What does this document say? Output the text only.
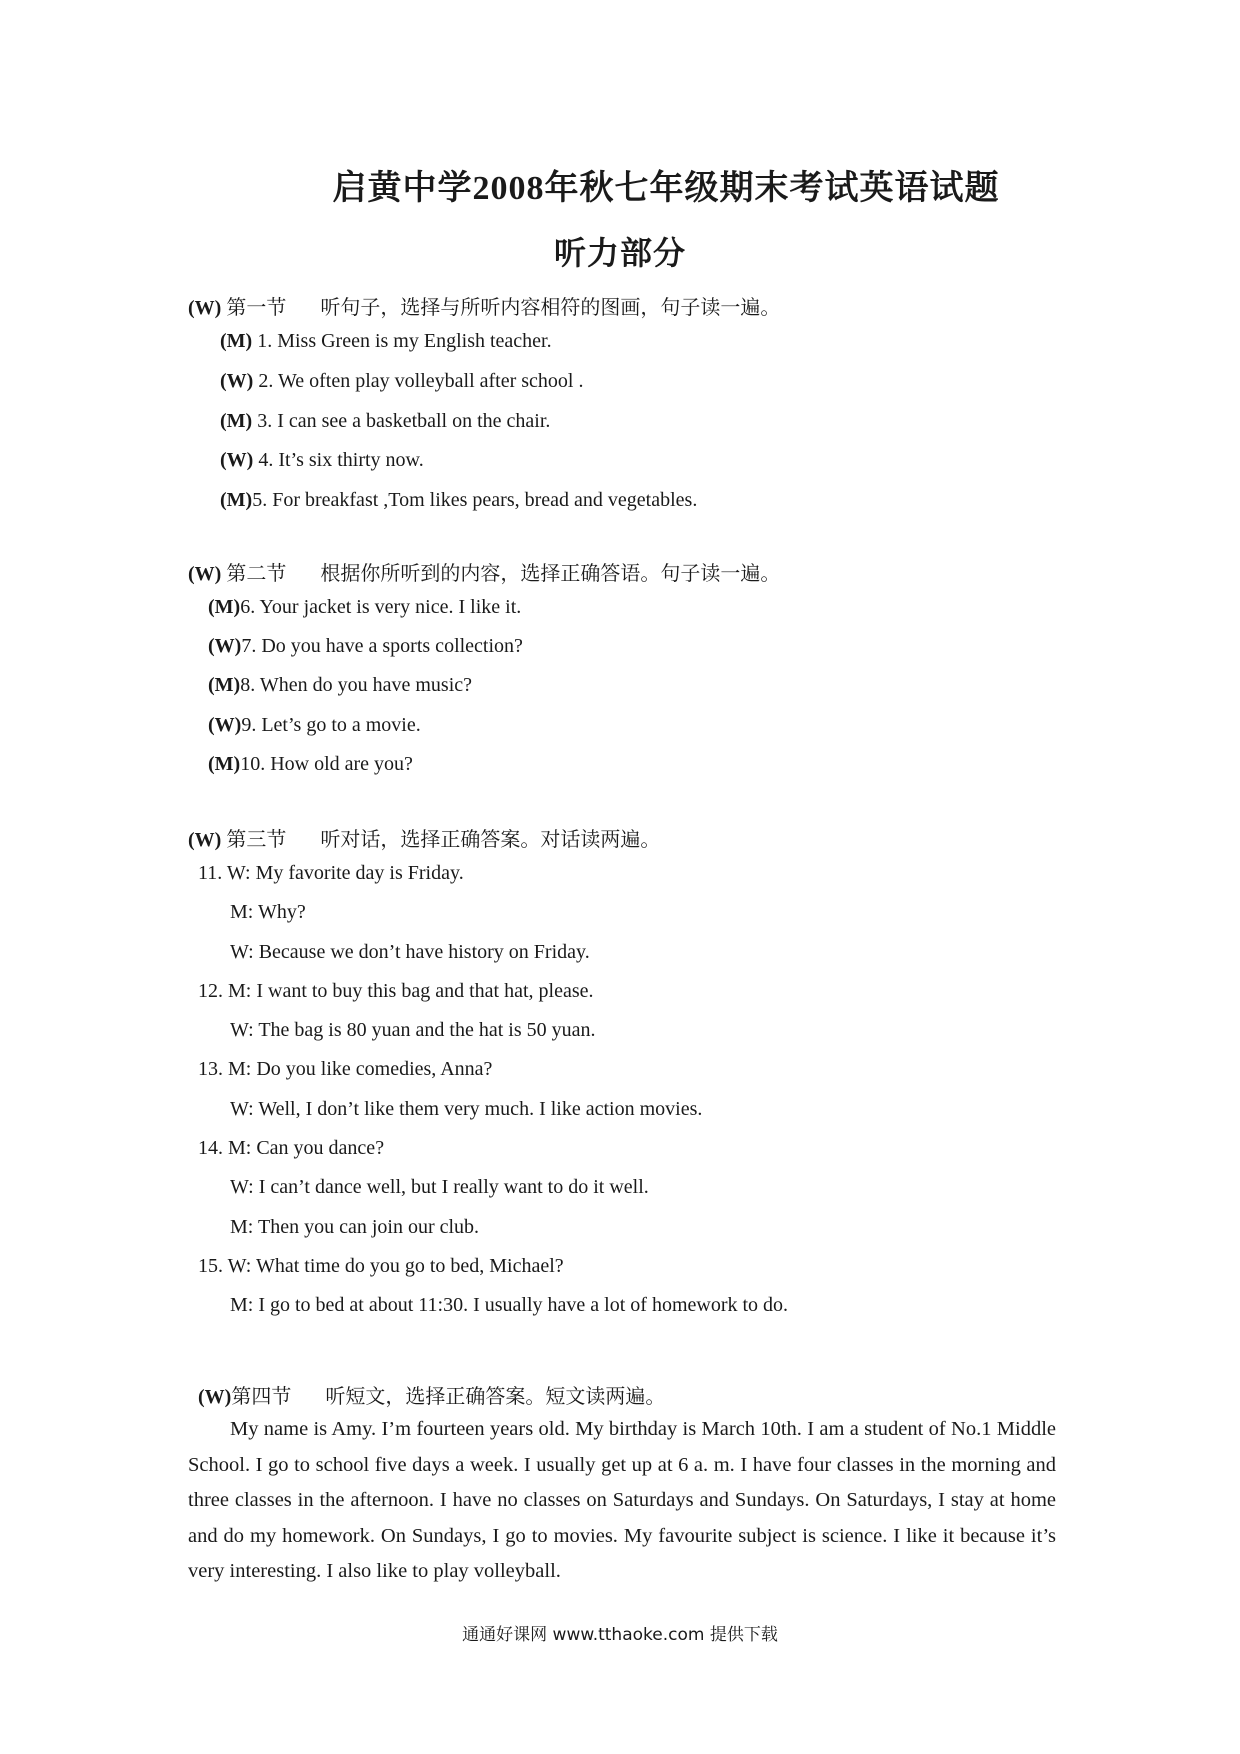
启黄中学2008年秋七年级期末考试英语试题
听力部分
(W) 第一节 听句子，选择与所听内容相符的图画，句子读一遍。
(M) 1. Miss Green is my English teacher.
(W) 2. We often play volleyball after school .
(M) 3. I can see a basketball on the chair.
(W) 4. It’s six thirty now.
(M)5. For breakfast ,Tom likes pears, bread and vegetables.
(W) 第二节 根据你所听到的内容，选择正确答语。句子读一遍。
(M)6. Your jacket is very nice. I like it.
(W)7. Do you have a sports collection?
(M)8. When do you have music?
(W)9. Let’s go to a movie.
(M)10. How old are you?
(W) 第三节 听对话，选择正确答案。对话读两遍。
11. W: My favorite day is Friday.
M: Why?
W: Because we don’t have history on Friday.
12. M: I want to buy this bag and that hat, please.
W: The bag is 80 yuan and the hat is 50 yuan.
13. M: Do you like comedies, Anna?
W: Well, I don’t like them very much. I like action movies.
14. M: Can you dance?
W: I can’t dance well, but I really want to do it well.
M: Then you can join our club.
15. W: What time do you go to bed, Michael?
M: I go to bed at about 11:30. I usually have a lot of homework to do.
(W)第四节 听短文，选择正确答案。短文读两遍。
My name is Amy. I’m fourteen years old. My birthday is March 10th. I am a student of No.1 Middle School. I go to school five days a week. I usually get up at 6 a. m. I have four classes in the morning and three classes in the afternoon. I have no classes on Saturdays and Sundays. On Saturdays, I stay at home and do my homework. On Sundays, I go to movies. My favourite subject is science. I like it because it’s very interesting. I also like to play volleyball.
通通好课网 www.tthaoke.com 提供下载
